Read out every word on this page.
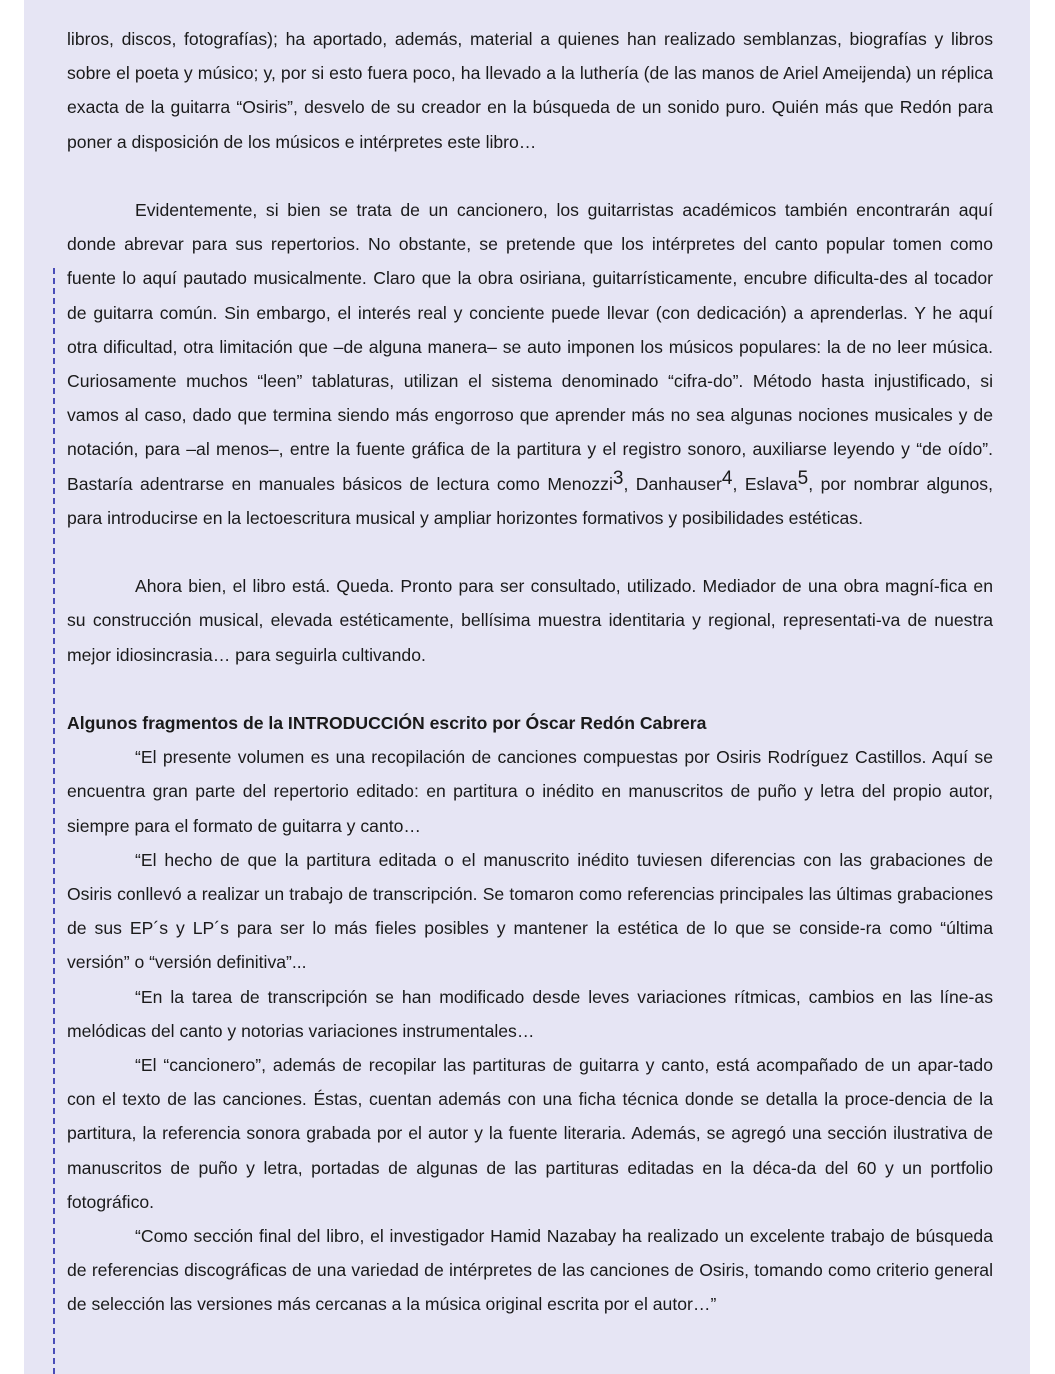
libros, discos, fotografías); ha aportado, además, material a quienes han realizado semblanzas, biografías y libros sobre el poeta y músico; y, por si esto fuera poco, ha llevado a la luthería (de las manos de Ariel Ameijenda) un réplica exacta de la guitarra “Osiris”, desvelo de su creador en la búsqueda de un sonido puro. Quién más que Redón para poner a disposición de los músicos e intérpretes este libro…

Evidentemente, si bien se trata de un cancionero, los guitarristas académicos también encontrarán aquí donde abrevar para sus repertorios. No obstante, se pretende que los intérpretes del canto popular tomen como fuente lo aquí pautado musicalmente. Claro que la obra osiriana, guitarrísticamente, encubre dificulta-des al tocador de guitarra común. Sin embargo, el interés real y conciente puede llevar (con dedicación) a aprenderlas. Y he aquí otra dificultad, otra limitación que –de alguna manera– se auto imponen los músicos populares: la de no leer música. Curiosamente muchos “leen” tablaturas, utilizan el sistema denominado “cifra-do”. Método hasta injustificado, si vamos al caso, dado que termina siendo más engorroso que aprender más no sea algunas nociones musicales y de notación, para –al menos–, entre la fuente gráfica de la partitura y el registro sonoro, auxiliarse leyendo y “de oído”. Bastaría adentrarse en manuales básicos de lectura como Menozzi$^3$, Danhauser$^4$, Eslava$^5$, por nombrar algunos, para introducirse en la lectoescritura musical y ampliar horizontes formativos y posibilidades estéticas.

Ahora bien, el libro está. Queda. Pronto para ser consultado, utilizado. Mediador de una obra magní-fica en su construcción musical, elevada estéticamente, bellísima muestra identitaria y regional, representati-va de nuestra mejor idiosincrasia… para seguirla cultivando.

Algunos fragmentos de la INTRODUCCIÓN escrito por Óscar Redón Cabrera

“El presente volumen es una recopilación de canciones compuestas por Osiris Rodríguez Castillos. Aquí se encuentra gran parte del repertorio editado: en partitura o inédito en manuscritos de puño y letra del propio autor, siempre para el formato de guitarra y canto…

“El hecho de que la partitura editada o el manuscrito inédito tuviesen diferencias con las grabaciones de Osiris conllevó a realizar un trabajo de transcripción. Se tomaron como referencias principales las últimas grabaciones de sus EP´s y LP´s para ser lo más fieles posibles y mantener la estética de lo que se conside-ra como “última versión” o “versión definitiva”...

“En la tarea de transcripción se han modificado desde leves variaciones rítmicas, cambios en las líne-as melódicas del canto y notorias variaciones instrumentales…

“El “cancionero”, además de recopilar las partituras de guitarra y canto, está acompañado de un apar-tado con el texto de las canciones. Éstas, cuentan además con una ficha técnica donde se detalla la proce-dencia de la partitura, la referencia sonora grabada por el autor y la fuente literaria. Además, se agregó una sección ilustrativa de manuscritos de puño y letra, portadas de algunas de las partituras editadas en la déca-da del 60 y un portfolio fotográfico.

“Como sección final del libro, el investigador Hamid Nazabay ha realizado un excelente trabajo de búsqueda de referencias discográficas de una variedad de intérpretes de las canciones de Osiris, tomando como criterio general de selección las versiones más cercanas a la música original escrita por el autor…”
